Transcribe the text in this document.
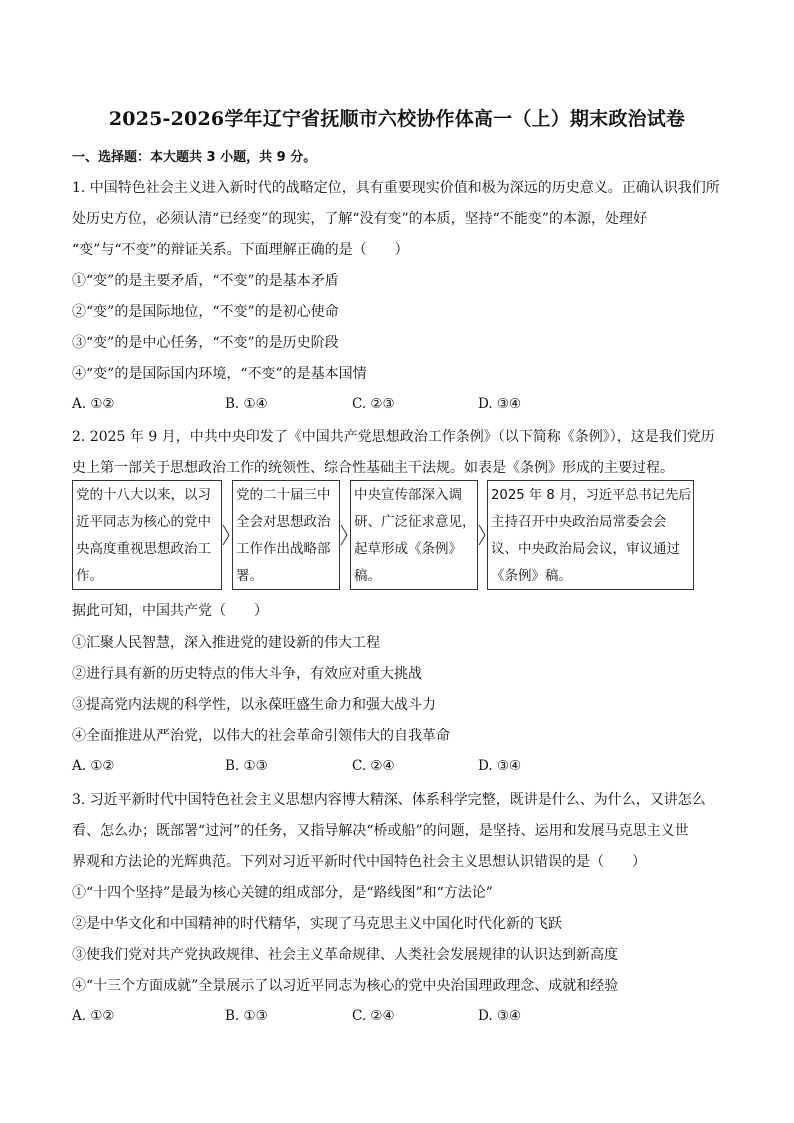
2025-2026学年辽宁省抚顺市六校协作体高一（上）期末政治试卷
一、选择题：本大题共 3 小题，共 9 分。
1. 中国特色社会主义进入新时代的战略定位，具有重要现实价值和极为深远的历史意义。正确认识我们所
处历史方位，必须认清“已经变”的现实，了解“没有变”的本质，坚持“不能变”的本源，处理好
“变”与“不变”的辩证关系。下面理解正确的是（　　）
①“变”的是主要矛盾，“不变”的是基本矛盾
②“变”的是国际地位，“不变”的是初心使命
③“变”的是中心任务，“不变”的是历史阶段
④“变”的是国际国内环境，“不变”的是基本国情
A. ①②	B. ①④	C. ②③	D. ③④
2. 2025 年 9 月，中共中央印发了《中国共产党思想政治工作条例》（以下简称《条例》），这是我们党历
史上第一部关于思想政治工作的统领性、综合性基础主干法规。如表是《条例》形成的主要过程。
党的十八大以来，以习
近平同志为核心的党中
央高度重视思想政治工
作。
党的二十届三中
全会对思想政治
工作作出战略部
署。
中央宣传部深入调
研、广泛征求意见，
起草形成《条例》
稿。
2025 年 8 月，习近平总书记先后
主持召开中央政治局常委会会
议、中央政治局会议，审议通过
《条例》稿。
据此可知，中国共产党（　　）
①汇聚人民智慧，深入推进党的建设新的伟大工程
②进行具有新的历史特点的伟大斗争，有效应对重大挑战
③提高党内法规的科学性，以永葆旺盛生命力和强大战斗力
④全面推进从严治党，以伟大的社会革命引领伟大的自我革命
A. ①②	B. ①③	C. ②④	D. ③④
3. 习近平新时代中国特色社会主义思想内容博大精深、体系科学完整，既讲是什么、为什么，又讲怎么
看、怎么办；既部署“过河”的任务，又指导解决“桥或船”的问题，是坚持、运用和发展马克思主义世
界观和方法论的光辉典范。下列对习近平新时代中国特色社会主义思想认识错误的是（　　）
①“十四个坚持”是最为核心关键的组成部分，是“路线图”和“方法论”
②是中华文化和中国精神的时代精华，实现了马克思主义中国化时代化新的飞跃
③使我们党对共产党执政规律、社会主义革命规律、人类社会发展规律的认识达到新高度
④“十三个方面成就”全景展示了以习近平同志为核心的党中央治国理政理念、成就和经验
A. ①②	B. ①③	C. ②④	D. ③④
